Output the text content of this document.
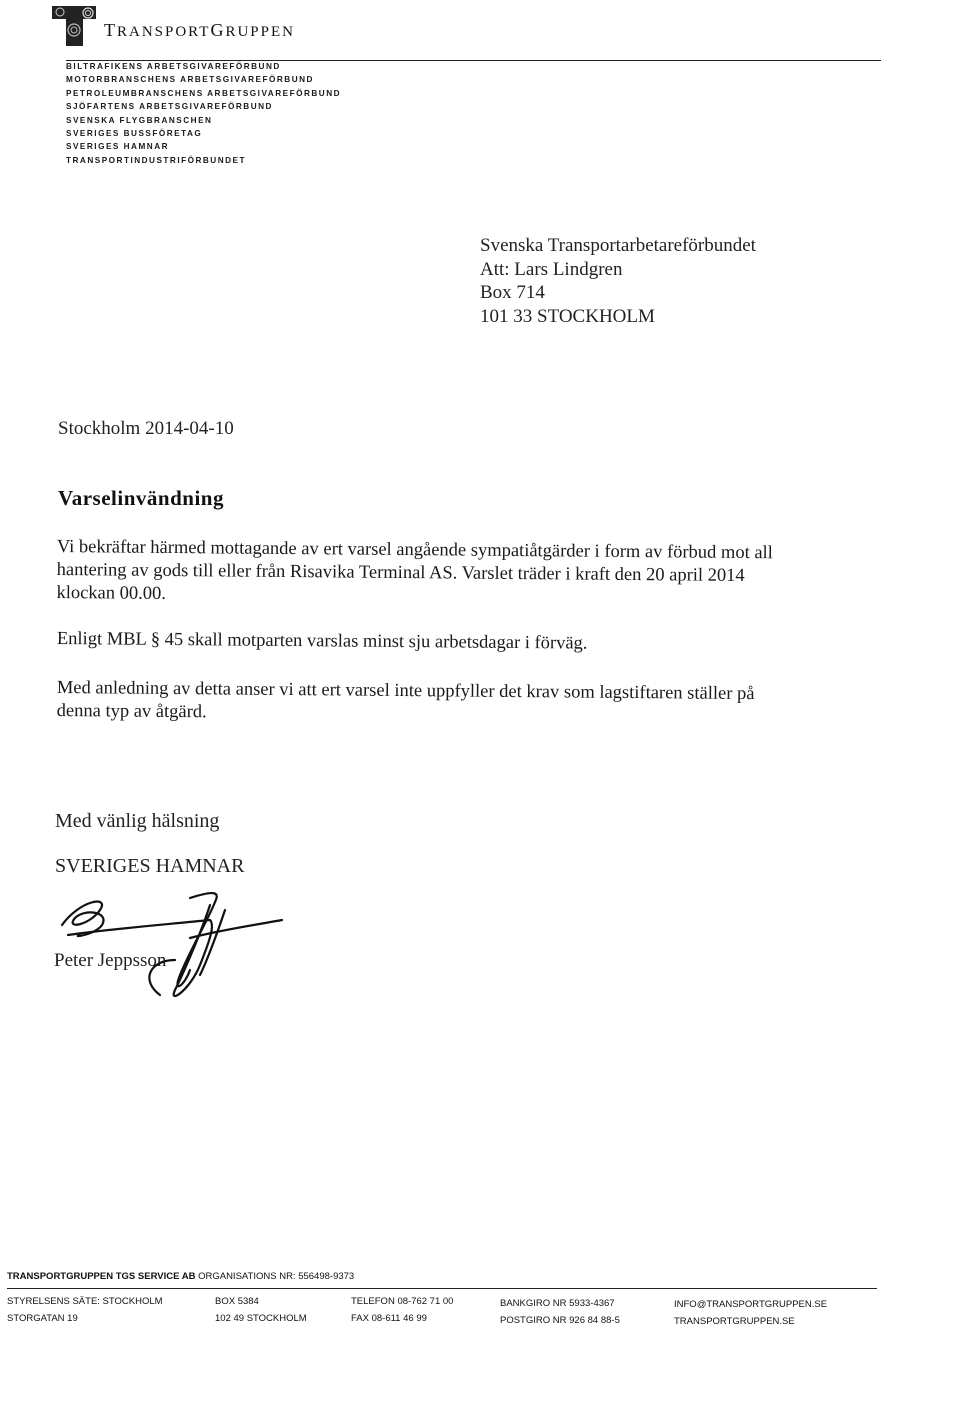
TRANSPORTGRUPPEN
BILTRAFIKENS ARBETSGIVAREFÖRBUND
MOTORBRANSCHENS ARBETSGIVAREFÖRBUND
PETROLEUMBRANSCHENS ARBETSGIVAREFÖRBUND
SJÖFARTENS ARBETSGIVAREFÖRBUND
SVENSKA FLYGBRANSCHEN
SVERIGES BUSSFÖRETAG
SVERIGES HAMNAR
TRANSPORTINDUSTRIFÖRBUNDET
Svenska Transportarbetareförbundet
Att: Lars Lindgren
Box 714
101 33 STOCKHOLM
Stockholm 2014-04-10
Varselinvändning

Vi bekräftar härmed mottagande av ert varsel angående sympatiåtgärder i form av förbud mot all hantering av gods till eller från Risavika Terminal AS. Varslet träder i kraft den 20 april 2014 klockan 00.00.

Enligt MBL § 45 skall motparten varslas minst sju arbetsdagar i förväg.

Med anledning av detta anser vi att ert varsel inte uppfyller det krav som lagstiftaren ställer på denna typ av åtgärd.

Med vänlig hälsning
SVERIGES HAMNAR
Peter Jeppsson
TRANSPORTGRUPPEN TGS SERVICE AB ORGANISATIONS NR: 556498-9373
STYRELSENS SÄTE: STOCKHOLM
STORGATAN 19
BOX 5384
102 49 STOCKHOLM
TELEFON 08-762 71 00
FAX 08-611 46 99
BANKGIRO NR 5933-4367
POSTGIRO NR 926 84 88-5
INFO@TRANSPORTGRUPPEN.SE
TRANSPORTGRUPPEN.SE
